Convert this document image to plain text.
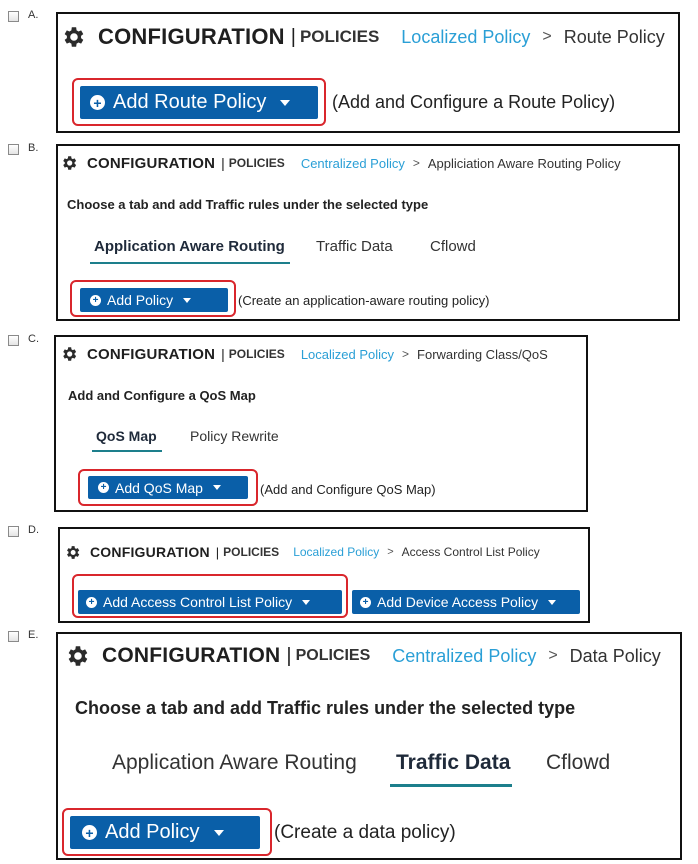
A.
CONFIGURATION | POLICIES Localized Policy > Route Policy
+ Add Route Policy	(Add and Configure a Route Policy)
B.
CONFIGURATION | POLICIES Centralized Policy > Appliciation Aware Routing Policy
Choose a tab and add Traffic rules under the selected type
Application Aware Routing Traffic Data Cflowd
+ Add Policy	(Create an application-aware routing policy)
C.
CONFIGURATION | POLICIES Localized Policy > Forwarding Class/QoS
Add and Configure a QoS Map
QoS Map Policy Rewrite
+ Add QoS Map	(Add and Configure QoS Map)
D.
CONFIGURATION | POLICIES Localized Policy > Access Control List Policy
+ Add Access Control List Policy	+ Add Device Access Policy
E.
CONFIGURATION | POLICIES Centralized Policy > Data Policy
Choose a tab and add Traffic rules under the selected type
Application Aware Routing Traffic Data Cflowd
+ Add Policy	(Create a data policy)
